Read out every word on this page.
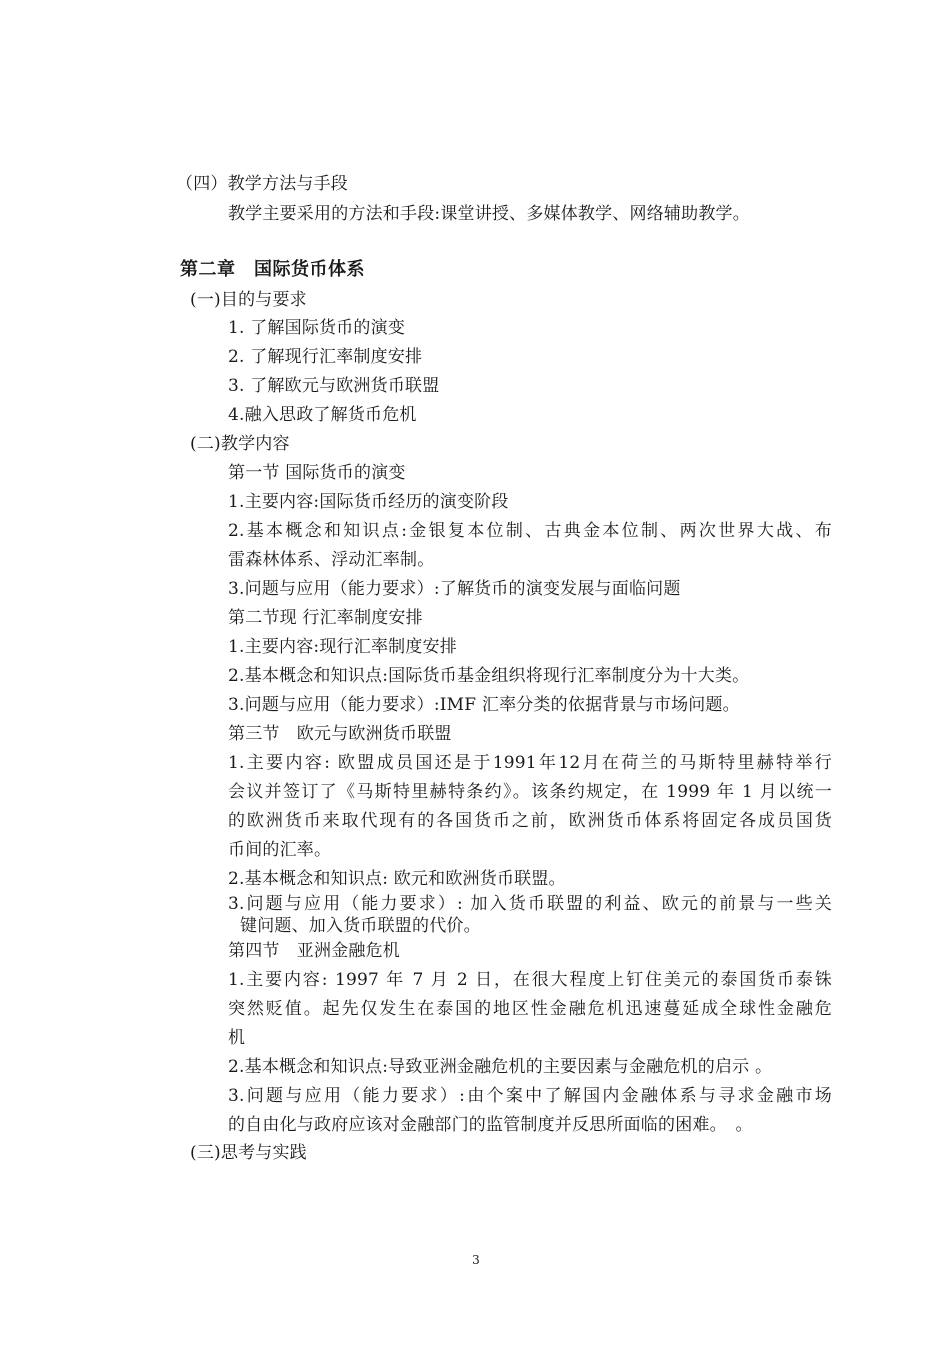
（四）教学方法与手段
教学主要采用的方法和手段:课堂讲授、多媒体教学、网络辅助教学。
第二章　国际货币体系
(一)目的与要求
1. 了解国际货币的演变
2. 了解现行汇率制度安排
3. 了解欧元与欧洲货币联盟
4.融入思政了解货币危机
(二)教学内容
第一节 国际货币的演变
1.主要内容:国际货币经历的演变阶段
2.基本概念和知识点:金银复本位制、古典金本位制、两次世界大战、布
雷森林体系、浮动汇率制。
3.问题与应用（能力要求）:了解货币的演变发展与面临问题
第二节现 行汇率制度安排
1.主要内容:现行汇率制度安排
2.基本概念和知识点:国际货币基金组织将现行汇率制度分为十大类。
3.问题与应用（能力要求）:IMF 汇率分类的依据背景与市场问题。
第三节　欧元与欧洲货币联盟
1.主要内容: 欧盟成员国还是于1991年12月在荷兰的马斯特里赫特举行
会议并签订了《马斯特里赫特条约》。该条约规定，在 1999 年 1 月以统一
的欧洲货币来取代现有的各国货币之前，欧洲货币体系将固定各成员国货
币间的汇率。
2.基本概念和知识点: 欧元和欧洲货币联盟。
3.问题与应用（能力要求）: 加入货币联盟的利益、欧元的前景与一些关
键问题、加入货币联盟的代价。
第四节　亚洲金融危机
1.主要内容: 1997 年 7 月 2 日，在很大程度上钉住美元的泰国货币泰铢
突然贬值。起先仅发生在泰国的地区性金融危机迅速蔓延成全球性金融危
机
2.基本概念和知识点:导致亚洲金融危机的主要因素与金融危机的启示 。
3.问题与应用（能力要求）:由个案中了解国内金融体系与寻求金融市场
的自由化与政府应该对金融部门的监管制度并反思所面临的困难。　。
(三)思考与实践
3
